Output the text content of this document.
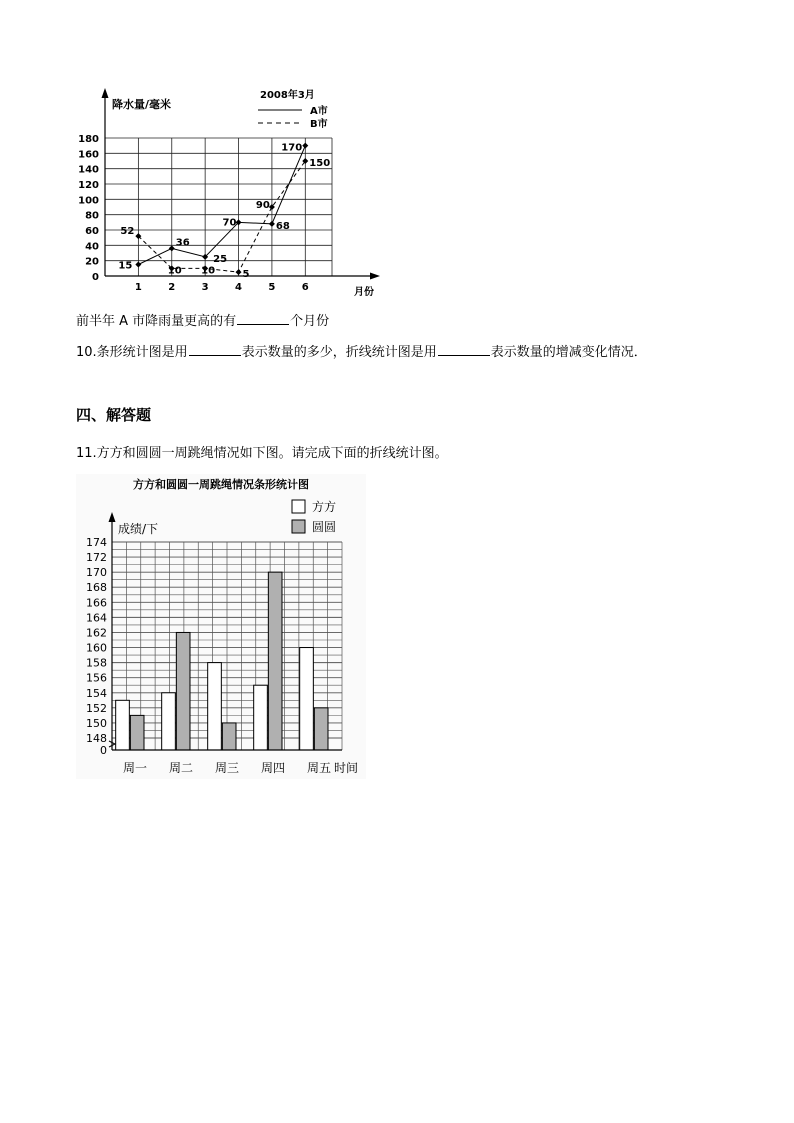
0
20
40
60
80
100
120
140
160
180
1	2	3	4	5	6
15
36
25
70	68
170
52
10 10	5
90
150
降水量/毫米
月份
2008年3月
A市
B市
前半年 A 市降雨量更高的有	个月份
10.条形统计图是用	表示数量的多少，折线统计图是用	表示数量的增减变化情况．
四、解答题
11.方方和圆圆一周跳绳情况如下图。请完成下面的折线统计图。
方方和圆圆一周跳绳情况条形统计图
0
148
150
152
154
156
158
160
162
164
166
168
170
172
174
周一 周二 周三 周四 周五
成绩/下
时间
方方
圆圆
